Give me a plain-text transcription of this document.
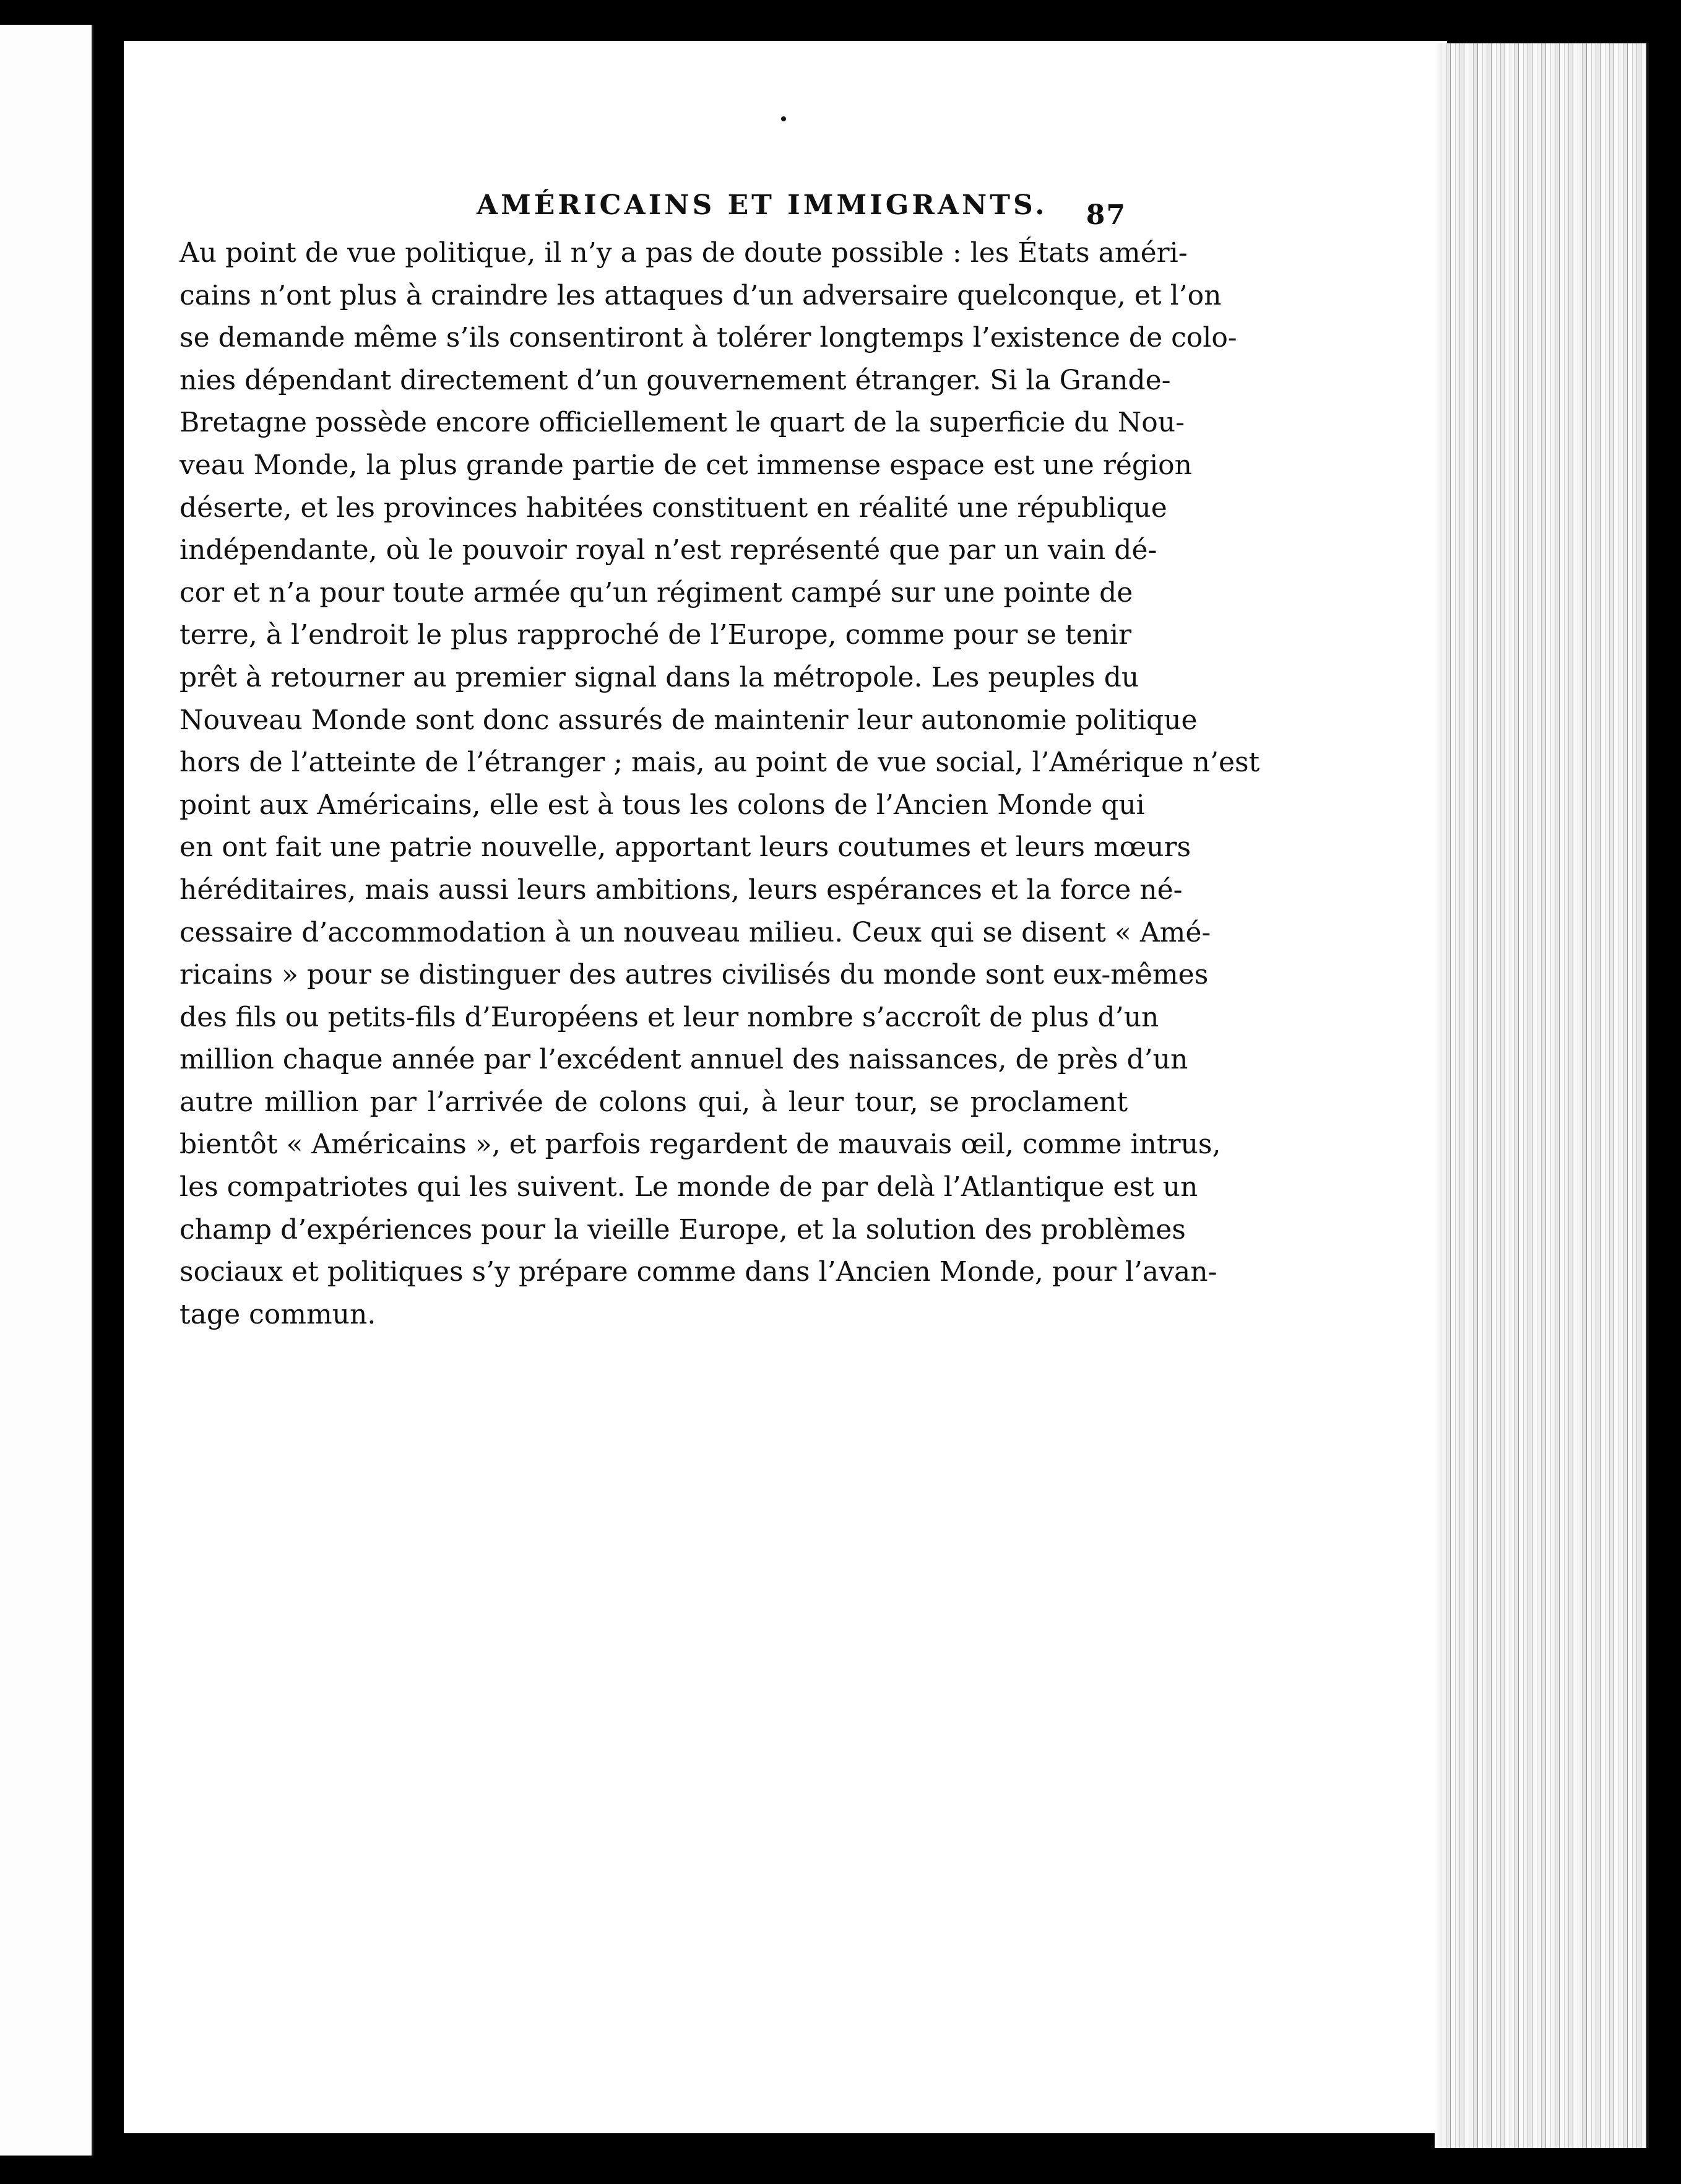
AMÉRICAINS ET IMMIGRANTS. 87
Au point de vue politique, il n’y a pas de doute possible : les États améri-
cains n’ont plus à craindre les attaques d’un adversaire quelconque, et l’on
se demande même s’ils consentiront à tolérer longtemps l’existence de colo-
nies dépendant directement d’un gouvernement étranger. Si la Grande-
Bretagne possède encore officiellement le quart de la superficie du Nou-
veau Monde, la plus grande partie de cet immense espace est une région
déserte, et les provinces habitées constituent en réalité une république
indépendante, où le pouvoir royal n’est représenté que par un vain dé-
cor et n’a pour toute armée qu’un régiment campé sur une pointe de
terre, à l’endroit le plus rapproché de l’Europe, comme pour se tenir
prêt à retourner au premier signal dans la métropole. Les peuples du
Nouveau Monde sont donc assurés de maintenir leur autonomie politique
hors de l’atteinte de l’étranger ; mais, au point de vue social, l’Amérique n’est
point aux Américains, elle est à tous les colons de l’Ancien Monde qui
en ont fait une patrie nouvelle, apportant leurs coutumes et leurs mœurs
héréditaires, mais aussi leurs ambitions, leurs espérances et la force né-
cessaire d’accommodation à un nouveau milieu. Ceux qui se disent « Amé-
ricains » pour se distinguer des autres civilisés du monde sont eux-mêmes
des fils ou petits-fils d’Européens et leur nombre s’accroît de plus d’un
million chaque année par l’excédent annuel des naissances, de près d’un
autre million par l’arrivée de colons qui, à leur tour, se proclament
bientôt « Américains », et parfois regardent de mauvais œil, comme intrus,
les compatriotes qui les suivent. Le monde de par delà l’Atlantique est un
champ d’expériences pour la vieille Europe, et la solution des problèmes
sociaux et politiques s’y prépare comme dans l’Ancien Monde, pour l’avan-
tage commun.
